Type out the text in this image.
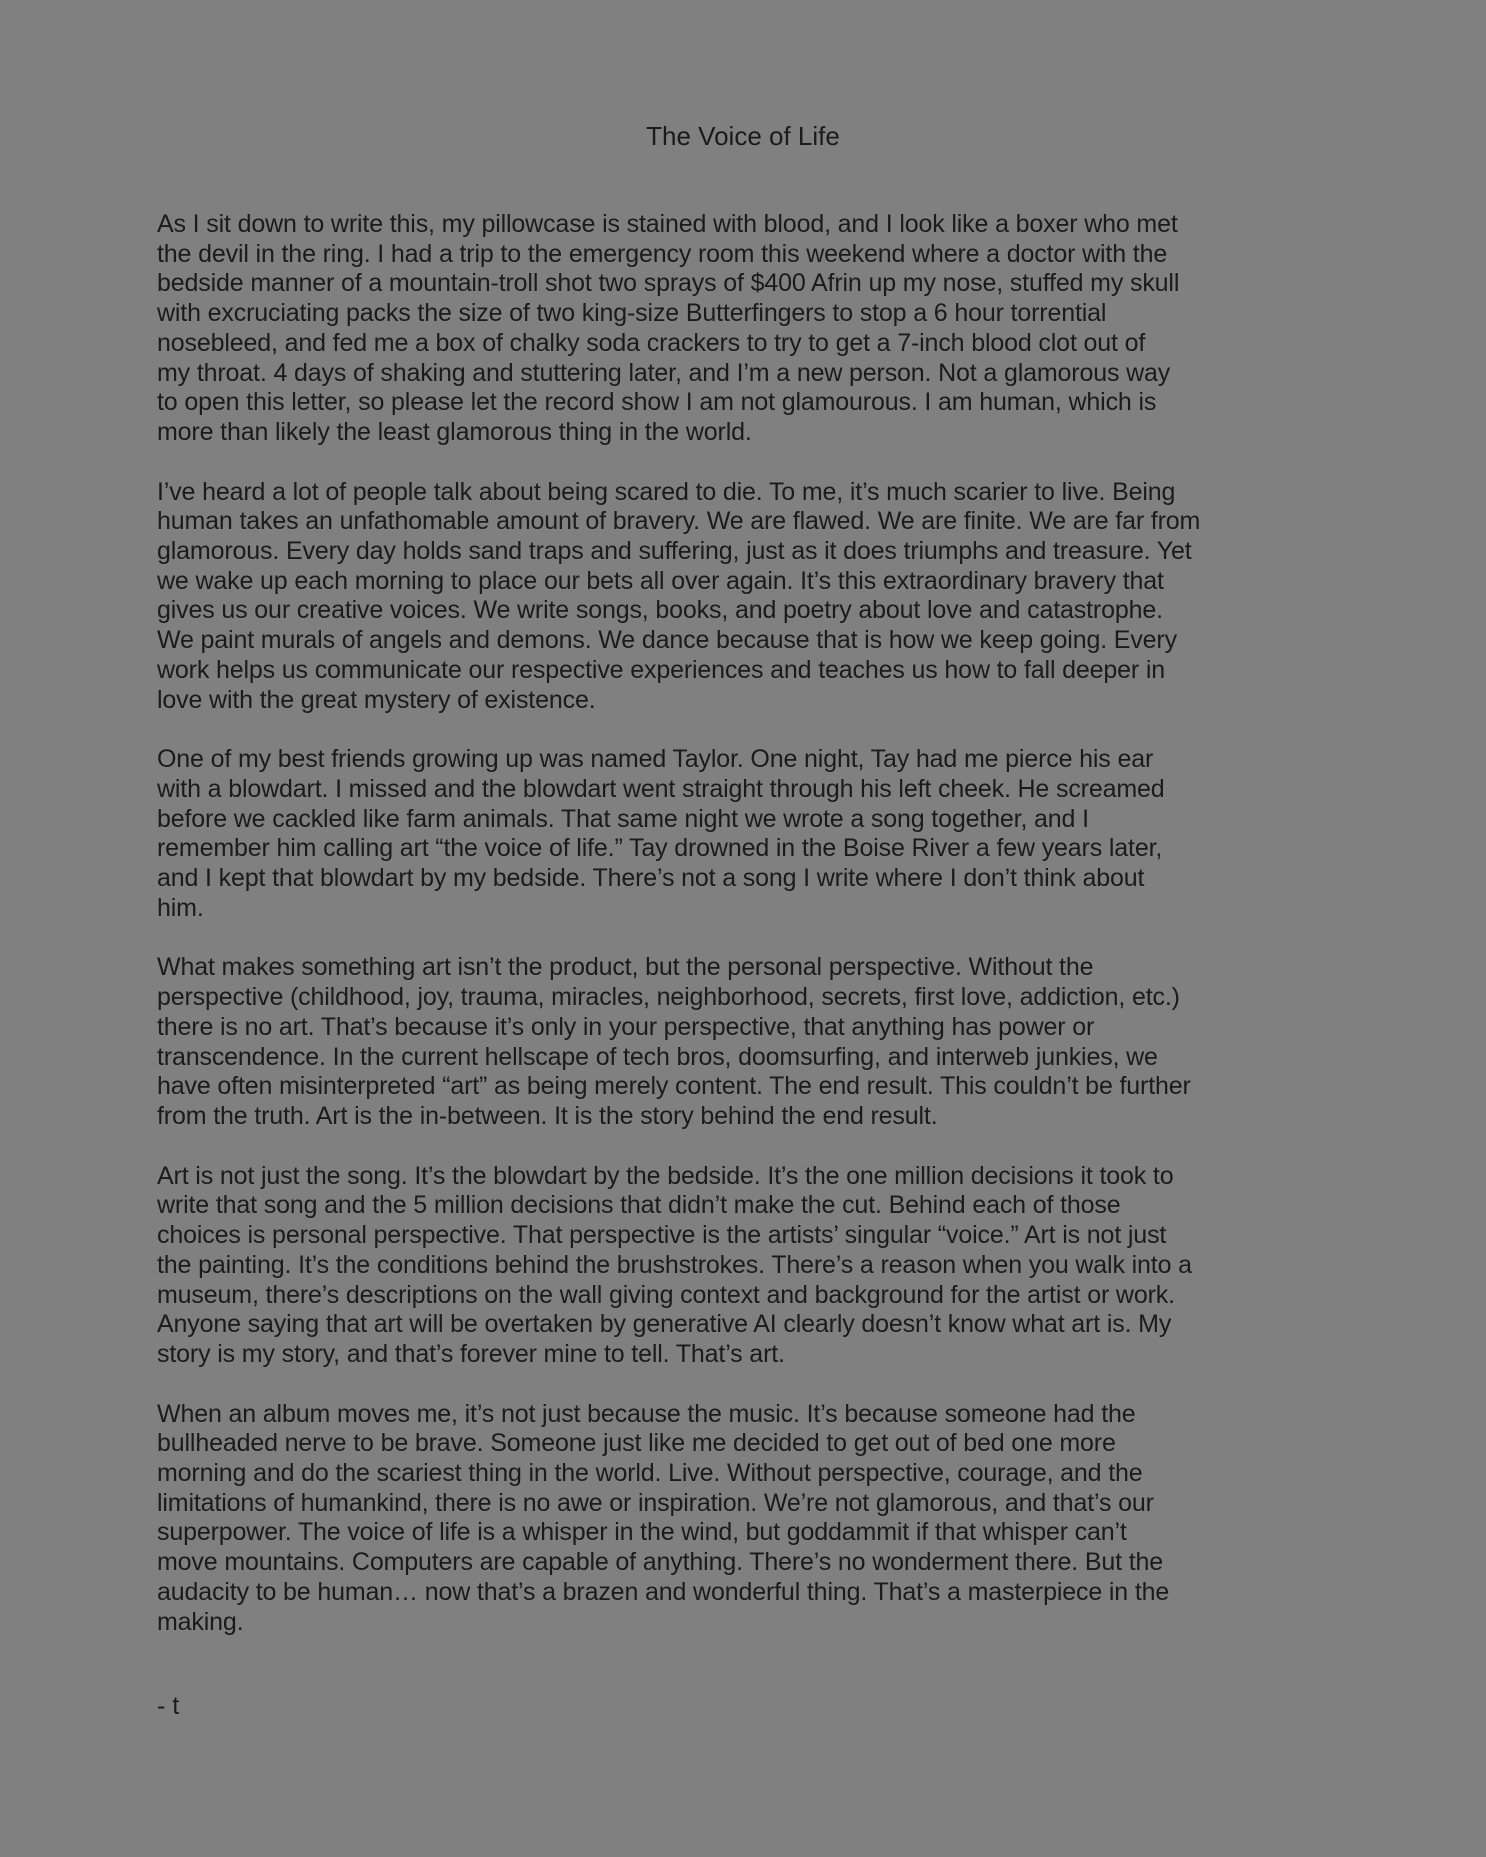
The Voice of Life

As I sit down to write this, my pillowcase is stained with blood, and I look like a boxer who met
the devil in the ring. I had a trip to the emergency room this weekend where a doctor with the
bedside manner of a mountain-troll shot two sprays of $400 Afrin up my nose, stuffed my skull
with excruciating packs the size of two king-size Butterfingers to stop a 6 hour torrential
nosebleed, and fed me a box of chalky soda crackers to try to get a 7-inch blood clot out of
my throat. 4 days of shaking and stuttering later, and I’m a new person. Not a glamorous way
to open this letter, so please let the record show I am not glamourous. I am human, which is
more than likely the least glamorous thing in the world.

I’ve heard a lot of people talk about being scared to die. To me, it’s much scarier to live. Being
human takes an unfathomable amount of bravery. We are flawed. We are finite. We are far from
glamorous. Every day holds sand traps and suffering, just as it does triumphs and treasure. Yet
we wake up each morning to place our bets all over again. It’s this extraordinary bravery that
gives us our creative voices. We write songs, books, and poetry about love and catastrophe.
We paint murals of angels and demons. We dance because that is how we keep going. Every
work helps us communicate our respective experiences and teaches us how to fall deeper in
love with the great mystery of existence.

One of my best friends growing up was named Taylor. One night, Tay had me pierce his ear
with a blowdart. I missed and the blowdart went straight through his left cheek. He screamed
before we cackled like farm animals. That same night we wrote a song together, and I
remember him calling art “the voice of life.” Tay drowned in the Boise River a few years later,
and I kept that blowdart by my bedside. There’s not a song I write where I don’t think about
him.

What makes something art isn’t the product, but the personal perspective. Without the
perspective (childhood, joy, trauma, miracles, neighborhood, secrets, first love, addiction, etc.)
there is no art. That’s because it’s only in your perspective, that anything has power or
transcendence. In the current hellscape of tech bros, doomsurfing, and interweb junkies, we
have often misinterpreted “art” as being merely content. The end result. This couldn’t be further
from the truth. Art is the in-between. It is the story behind the end result.

Art is not just the song. It’s the blowdart by the bedside. It’s the one million decisions it took to
write that song and the 5 million decisions that didn’t make the cut. Behind each of those
choices is personal perspective. That perspective is the artists’ singular “voice.” Art is not just
the painting. It’s the conditions behind the brushstrokes. There’s a reason when you walk into a
museum, there’s descriptions on the wall giving context and background for the artist or work.
Anyone saying that art will be overtaken by generative AI clearly doesn’t know what art is. My
story is my story, and that’s forever mine to tell. That’s art.

When an album moves me, it’s not just because the music. It’s because someone had the
bullheaded nerve to be brave. Someone just like me decided to get out of bed one more
morning and do the scariest thing in the world. Live. Without perspective, courage, and the
limitations of humankind, there is no awe or inspiration. We’re not glamorous, and that’s our
superpower. The voice of life is a whisper in the wind, but goddammit if that whisper can’t
move mountains. Computers are capable of anything. There’s no wonderment there. But the
audacity to be human… now that’s a brazen and wonderful thing. That’s a masterpiece in the
making.

- t
